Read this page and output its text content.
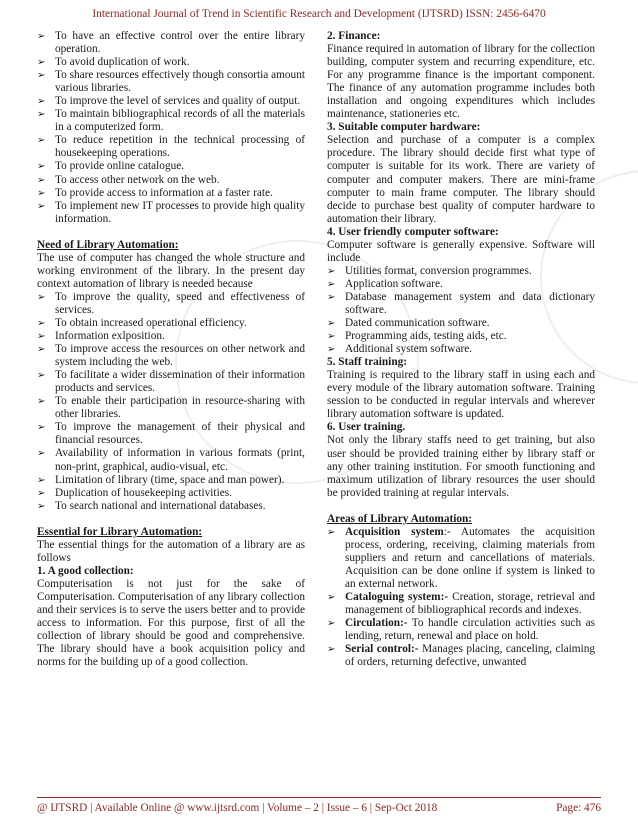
International Journal of Trend in Scientific Research and Development (IJTSRD) ISSN: 2456-6470
➢ To have an effective control over the entire library operation.
➢ To avoid duplication of work.
➢ To share resources effectively though consortia amount various libraries.
➢ To improve the level of services and quality of output.
➢ To maintain bibliographical records of all the materials in a computerized form.
➢ To reduce repetition in the technical processing of housekeeping operations.
➢ To provide online catalogue.
➢ To access other network on the web.
➢ To provide access to information at a faster rate.
➢ To implement new IT processes to provide high quality information.
Need of Library Automation:
The use of computer has changed the whole structure and working environment of the library. In the present day context automation of library is needed because
➢ To improve the quality, speed and effectiveness of services.
➢ To obtain increased operational efficiency.
➢ Information exlposition.
➢ To improve access the resources on other network and system including the web.
➢ To facilitate a wider dissemination of their information products and services.
➢ To enable their participation in resource-sharing with other libraries.
➢ To improve the management of their physical and financial resources.
➢ Availability of information in various formats (print, non-print, graphical, audio-visual, etc.
➢ Limitation of library (time, space and man power).
➢ Duplication of housekeeping activities.
➢ To search national and international databases.
Essential for Library Automation:
The essential things for the automation of a library are as follows
1. A good collection:
Computerisation is not just for the sake of Computerisation. Computerisation of any library collection and their services is to serve the users better and to provide access to information. For this purpose, first of all the collection of library should be good and comprehensive. The library should have a book acquisition policy and norms for the building up of a good collection.
2. Finance:
Finance required in automation of library for the collection building, computer system and recurring expenditure, etc. For any programme finance is the important component. The finance of any automation programme includes both installation and ongoing expenditures which includes maintenance, stationeries etc.
3. Suitable computer hardware:
Selection and purchase of a computer is a complex procedure. The library should decide first what type of computer is suitable for its work. There are variety of computer and computer makers. There are mini-frame computer to main frame computer. The library should decide to purchase best quality of computer hardware to automation their library.
4. User friendly computer software:
Computer software is generally expensive. Software will include
➢ Utilities format, conversion programmes.
➢ Application software.
➢ Database management system and data dictionary software.
➢ Dated communication software.
➢ Programming aids, testing aids, etc.
➢ Additional system software.
5. Staff training:
Training is required to the library staff in using each and every module of the library automation software. Training session to be conducted in regular intervals and wherever library automation software is updated.
6. User training.
Not only the library staffs need to get training, but also user should be provided training either by library staff or any other training institution. For smooth functioning and maximum utilization of library resources the user should be provided training at regular intervals.
Areas of Library Automation:
➢ Acquisition system:- Automates the acquisition process, ordering, receiving, claiming materials from suppliers and return and cancellations of materials. Acquisition can be done online if system is linked to an external network.
➢ Cataloguing system:- Creation, storage, retrieval and management of bibliographical records and indexes.
➢ Circulation:- To handle circulation activities such as lending, return, renewal and place on hold.
➢ Serial control:- Manages placing, canceling, claiming of orders, returning defective, unwanted
@ IJTSRD | Available Online @ www.ijtsrd.com | Volume – 2 | Issue – 6 | Sep-Oct 2018	Page: 476
